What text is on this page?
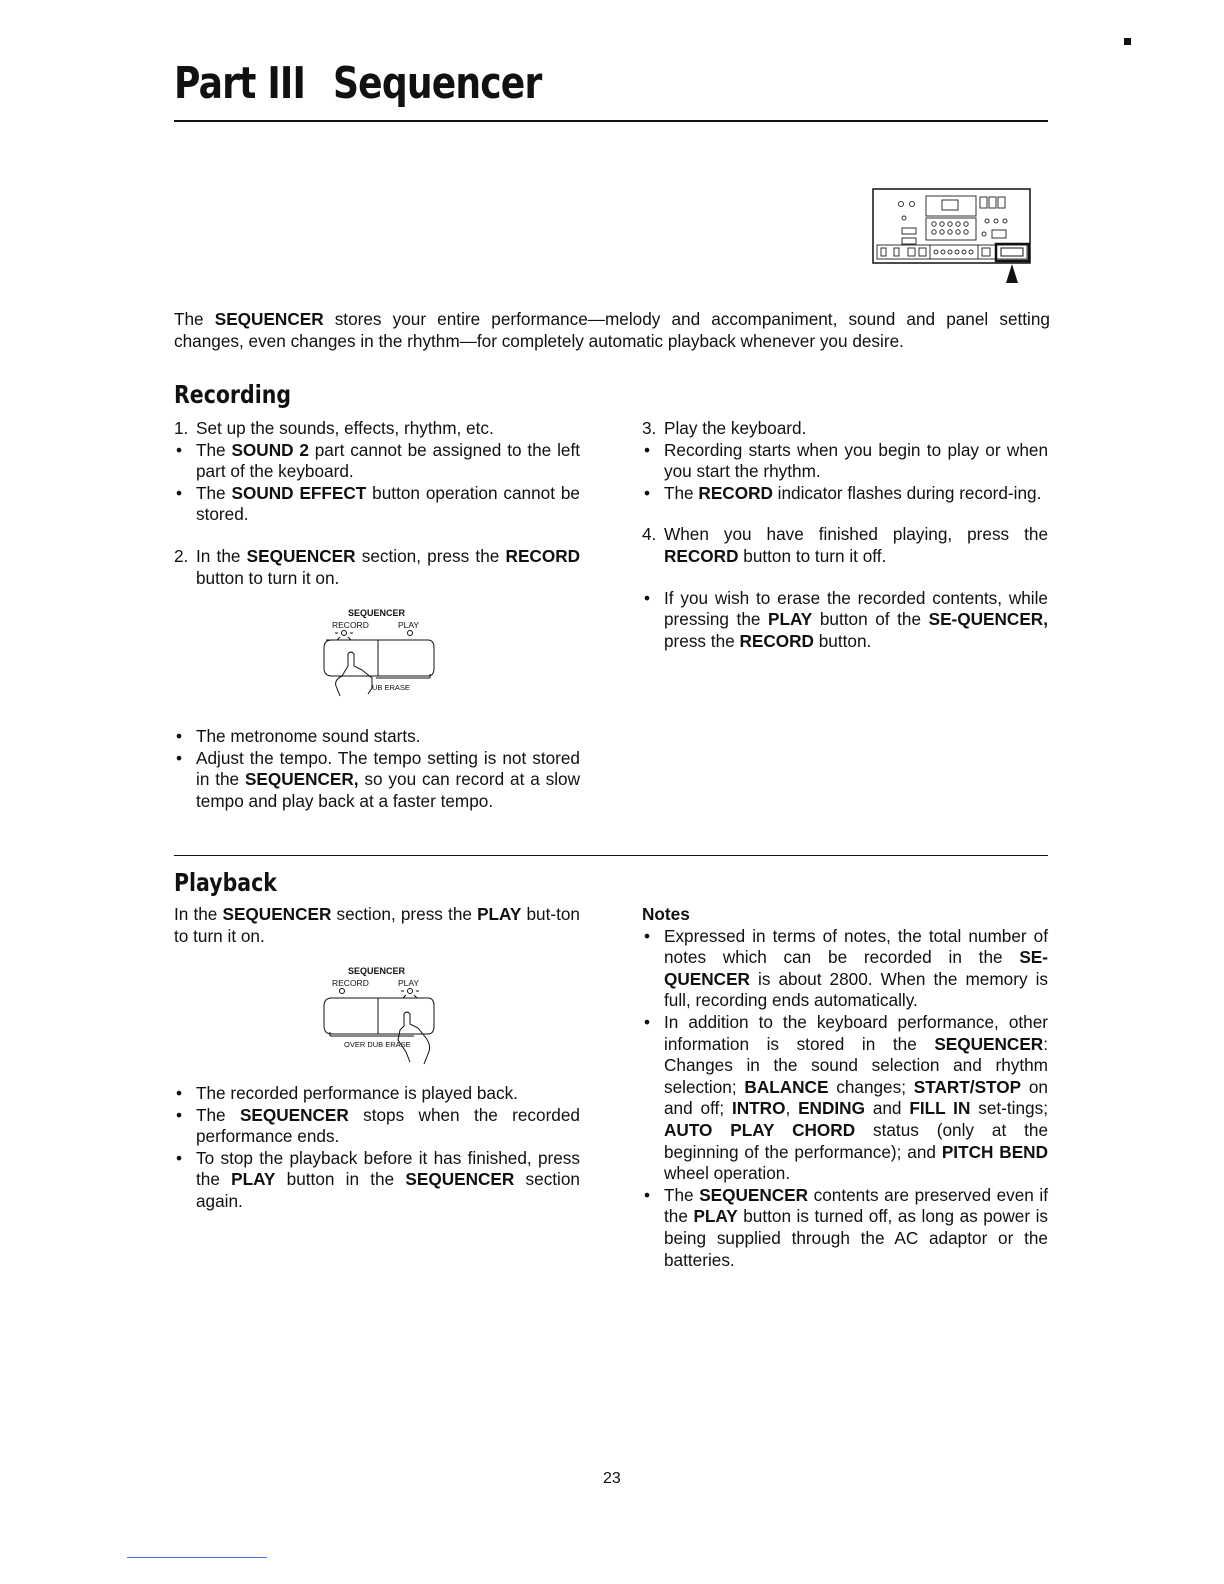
Part III Sequencer
The SEQUENCER stores your entire performance—melody and accompaniment, sound and panel setting changes, even changes in the rhythm—for completely automatic playback whenever you desire.
Recording
1. Set up the sounds, effects, rhythm, etc.
• The SOUND 2 part cannot be assigned to the left part of the keyboard.
• The SOUND EFFECT button operation cannot be stored.
2. In the SEQUENCER section, press the RECORD button to turn it on.
SEQUENCER
RECORD	PLAY
UB ERASE
• The metronome sound starts.
• Adjust the tempo. The tempo setting is not stored in the SEQUENCER, so you can record at a slow tempo and play back at a faster tempo.
3. Play the keyboard.
• Recording starts when you begin to play or when you start the rhythm.
• The RECORD indicator flashes during record-ing.
4. When you have finished playing, press the RECORD button to turn it off.
• If you wish to erase the recorded contents, while pressing the PLAY button of the SE-QUENCER, press the RECORD button.
Playback
In the SEQUENCER section, press the PLAY but-ton to turn it on.
SEQUENCER
RECORD	PLAY
OVER DUB ERASE
• The recorded performance is played back.
• The SEQUENCER stops when the recorded performance ends.
• To stop the playback before it has finished, press the PLAY button in the SEQUENCER section again.
Notes
• Expressed in terms of notes, the total number of notes which can be recorded in the SE-QUENCER is about 2800. When the memory is full, recording ends automatically.
• In addition to the keyboard performance, other information is stored in the SEQUENCER: Changes in the sound selection and rhythm selection; BALANCE changes; START/STOP on and off; INTRO, ENDING and FILL IN set-tings; AUTO PLAY CHORD status (only at the beginning of the performance); and PITCH BEND wheel operation.
• The SEQUENCER contents are preserved even if the PLAY button is turned off, as long as power is being supplied through the AC adaptor or the batteries.
23
